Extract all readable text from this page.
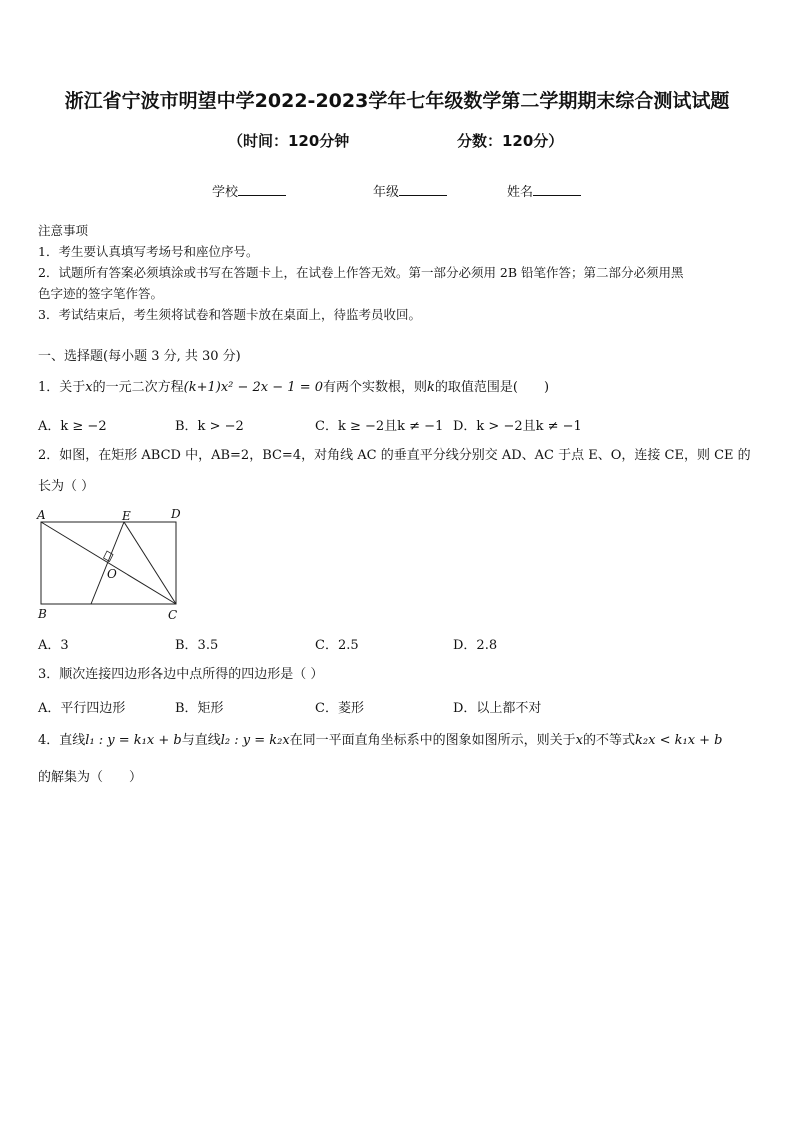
浙江省宁波市明望中学2022-2023学年七年级数学第二学期期末综合测试试题
（时间：120分钟	分数：120分）
学校	年级	姓名
注意事项
1．考生要认真填写考场号和座位序号。
2．试题所有答案必须填涂或书写在答题卡上，在试卷上作答无效。第一部分必须用 2B 铅笔作答；第二部分必须用黑
色字迹的签字笔作答。
3．考试结束后，考生须将试卷和答题卡放在桌面上，待监考员收回。
一、选择题(每小题 3 分, 共 30 分)
1．关于x的一元二次方程(k+1)x² − 2x − 1 = 0有两个实数根，则k的取值范围是(　　)
A．k ≥ −2	B．k > −2	C．k ≥ −2且k ≠ −1 D．k > −2且k ≠ −1
2．如图，在矩形 ABCD 中，AB=2，BC=4，对角线 AC 的垂直平分线分别交 AD、AC 于点 E、O，连接 CE，则 CE 的
长为（ ）
A	E	D
O
B	C
A．3	B．3.5	C．2.5	D．2.8
3．顺次连接四边形各边中点所得的四边形是（ ）
A．平行四边形	B．矩形	C．菱形	D．以上都不对
4．直线l₁ : y = k₁x + b与直线l₂ : y = k₂x在同一平面直角坐标系中的图象如图所示，则关于x的不等式k₂x < k₁x + b
的解集为（　　）
